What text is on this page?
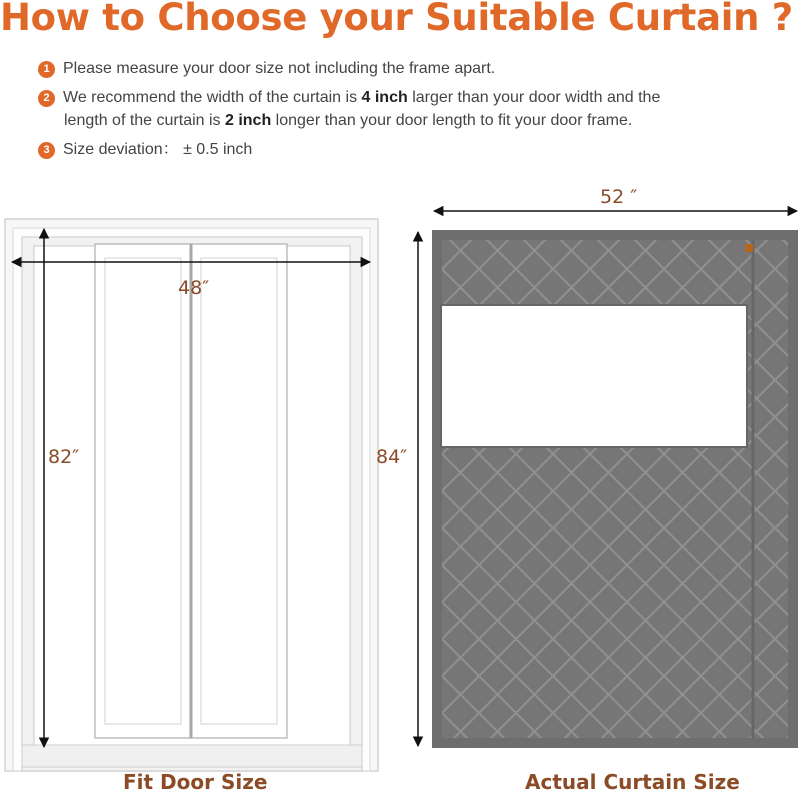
How to Choose your Suitable Curtain ?
1 Please measure your door size not including the frame apart.
2 We recommend the width of the curtain is 4 inch larger than your door width and the
length of the curtain is 2 inch longer than your door length to fit your door frame.
3 Size deviation： ± 0.5 inch
48″
82″
52 ″
84″
Fit Door Size	Actual Curtain Size
